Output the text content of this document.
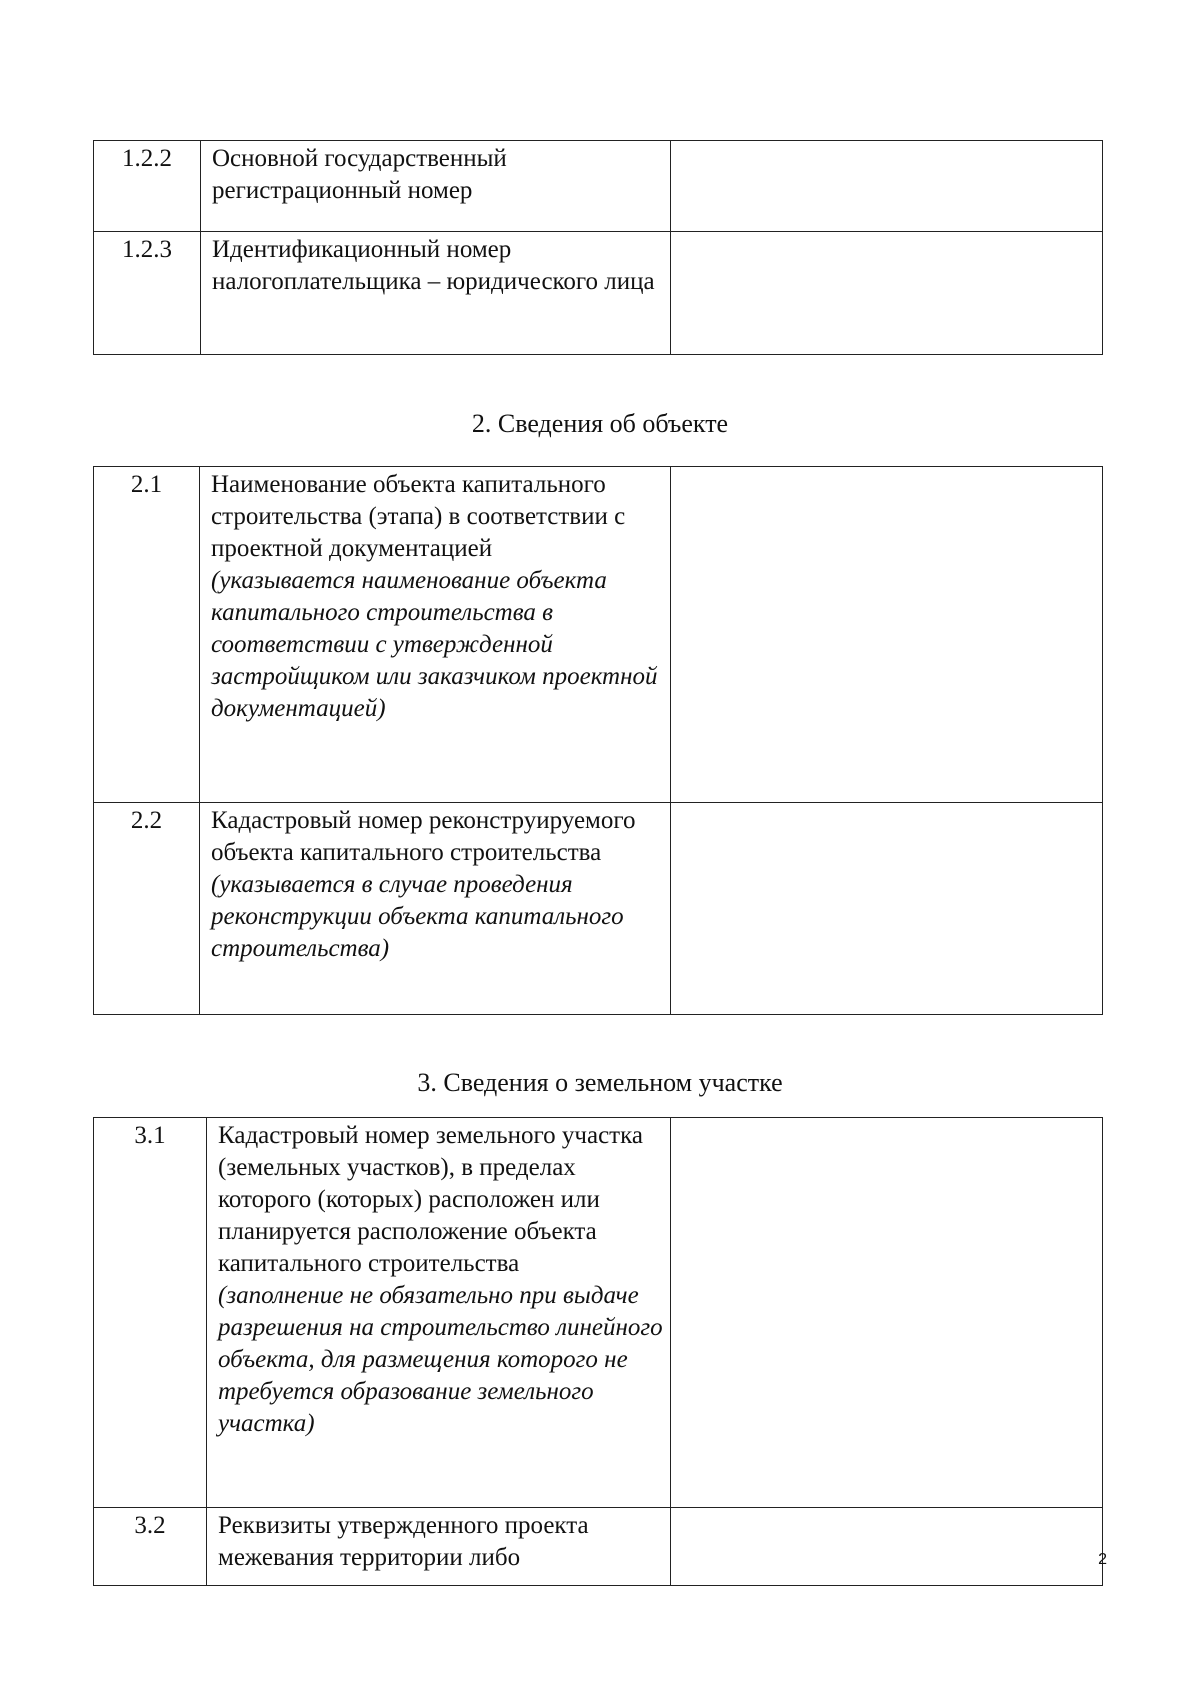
1.2.2	Основной государственный регистрационный номер	
1.2.3	Идентификационный номер налогоплательщика – юридического лица	
2. Сведения об объекте
2.1	Наименование объекта капитального строительства (этапа) в соответствии с проектной документацией
(указывается наименование объекта капитального строительства в соответствии с утвержденной застройщиком или заказчиком проектной документацией)	

2.2	Кадастровый номер реконструируемого объекта капитального строительства
(указывается в случае проведения реконструкции объекта капитального строительства)	

3. Сведения о земельном участке
3.1	Кадастровый номер земельного участка (земельных участков), в пределах которого (которых) расположен или планируется расположение объекта капитального строительства
(заполнение не обязательно при выдаче разрешения на строительство линейного объекта, для размещения которого не требуется образование земельного участка)	

3.2	Реквизиты утвержденного проекта межевания территории либо		2
